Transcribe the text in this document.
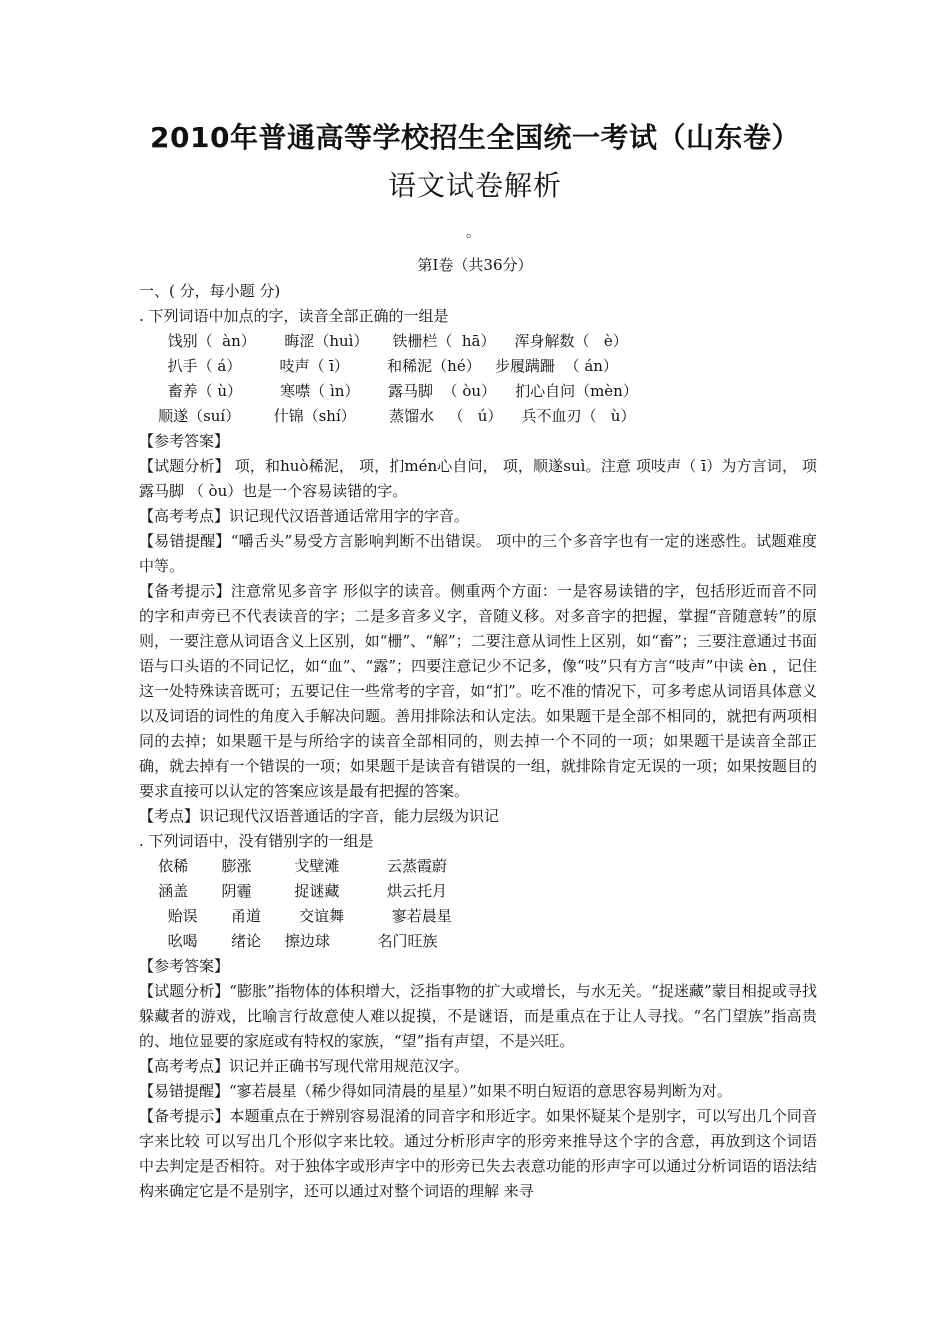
2010年普通高等学校招生全国统一考试（山东卷）
语文试卷解析
。
第Ⅰ卷（共36分）

一、( 分，每小题 分)

. 下列词语中加点的字，读音全部正确的一组是

饯别（  àn）      晦涩（huì）     铁栅栏（  hā）    浑身解数（   è）

扒手（ á）        吱声（ ī）        和稀泥（hé）   步履蹒跚  （ án）

畜养（ ù）        寒噤（ ìn）      露马脚  （ òu）    扪心自问（mèn）

顺遂（suí）       什锦（shí）       蒸馏水   （   ú）    兵不血刃（   ù）

【参考答案】

【试题分析】 项，和huò稀泥， 项，扪mén心自问， 项，顺遂suì。注意 项吱声（ ī）为方言词， 项露马脚 （ òu）也是一个容易读错的字。

【高考考点】识记现代汉语普通话常用字的字音。

【易错提醒】“嚼舌头”易受方言影响判断不出错误。 项中的三个多音字也有一定的迷惑性。试题难度中等。

【备考提示】注意常见多音字 形似字的读音。侧重两个方面：一是容易读错的字，包括形近而音不同的字和声旁已不代表读音的字；二是多音多义字，音随义移。对多音字的把握，掌握“音随意转”的原则，一要注意从词语含义上区别，如“栅”、“解”；二要注意从词性上区别，如“畜”；三要注意通过书面语与口头语的不同记忆，如“血”、“露”；四要注意记少不记多，像“吱”只有方言“吱声”中读 èn ，记住这一处特殊读音既可；五要记住一些常考的字音，如“扪”。吃不准的情况下，可多考虑从词语具体意义以及词语的词性的角度入手解决问题。善用排除法和认定法。如果题干是全部不相同的，就把有两项相同的去掉；如果题干是与所给字的读音全部相同的，则去掉一个不同的一项；如果题干是读音全部正确，就去掉有一个错误的一项；如果题干是读音有错误的一组，就排除肯定无误的一项；如果按题目的要求直接可以认定的答案应该是最有把握的答案。

【考点】识记现代汉语普通话的字音，能力层级为识记

. 下列词语中，没有错别字的一组是

依稀       膨涨         戈壁滩          云蒸霞蔚

涵盖       阴霾         捉谜藏          烘云托月

贻误       甬道        交谊舞          寥若晨星

吆喝       绪论     擦边球          名门旺族

【参考答案】

【试题分析】“膨胀”指物体的体积增大，泛指事物的扩大或增长，与水无关。“捉迷藏”蒙目相捉或寻找躲藏者的游戏，比喻言行故意使人难以捉摸，不是谜语，而是重点在于让人寻找。“名门望族”指高贵的、地位显要的家庭或有特权的家族，“望”指有声望，不是兴旺。

【高考考点】识记并正确书写现代常用规范汉字。

【易错提醒】“寥若晨星（稀少得如同清晨的星星）”如果不明白短语的意思容易判断为对。

【备考提示】本题重点在于辨别容易混淆的同音字和形近字。如果怀疑某个是别字，可以写出几个同音字来比较 可以写出几个形似字来比较。通过分析形声字的形旁来推导这个字的含意，再放到这个词语中去判定是否相符。对于独体字或形声字中的形旁已失去表意功能的形声字可以通过分析词语的语法结构来确定它是不是别字，还可以通过对整个词语的理解 来寻
